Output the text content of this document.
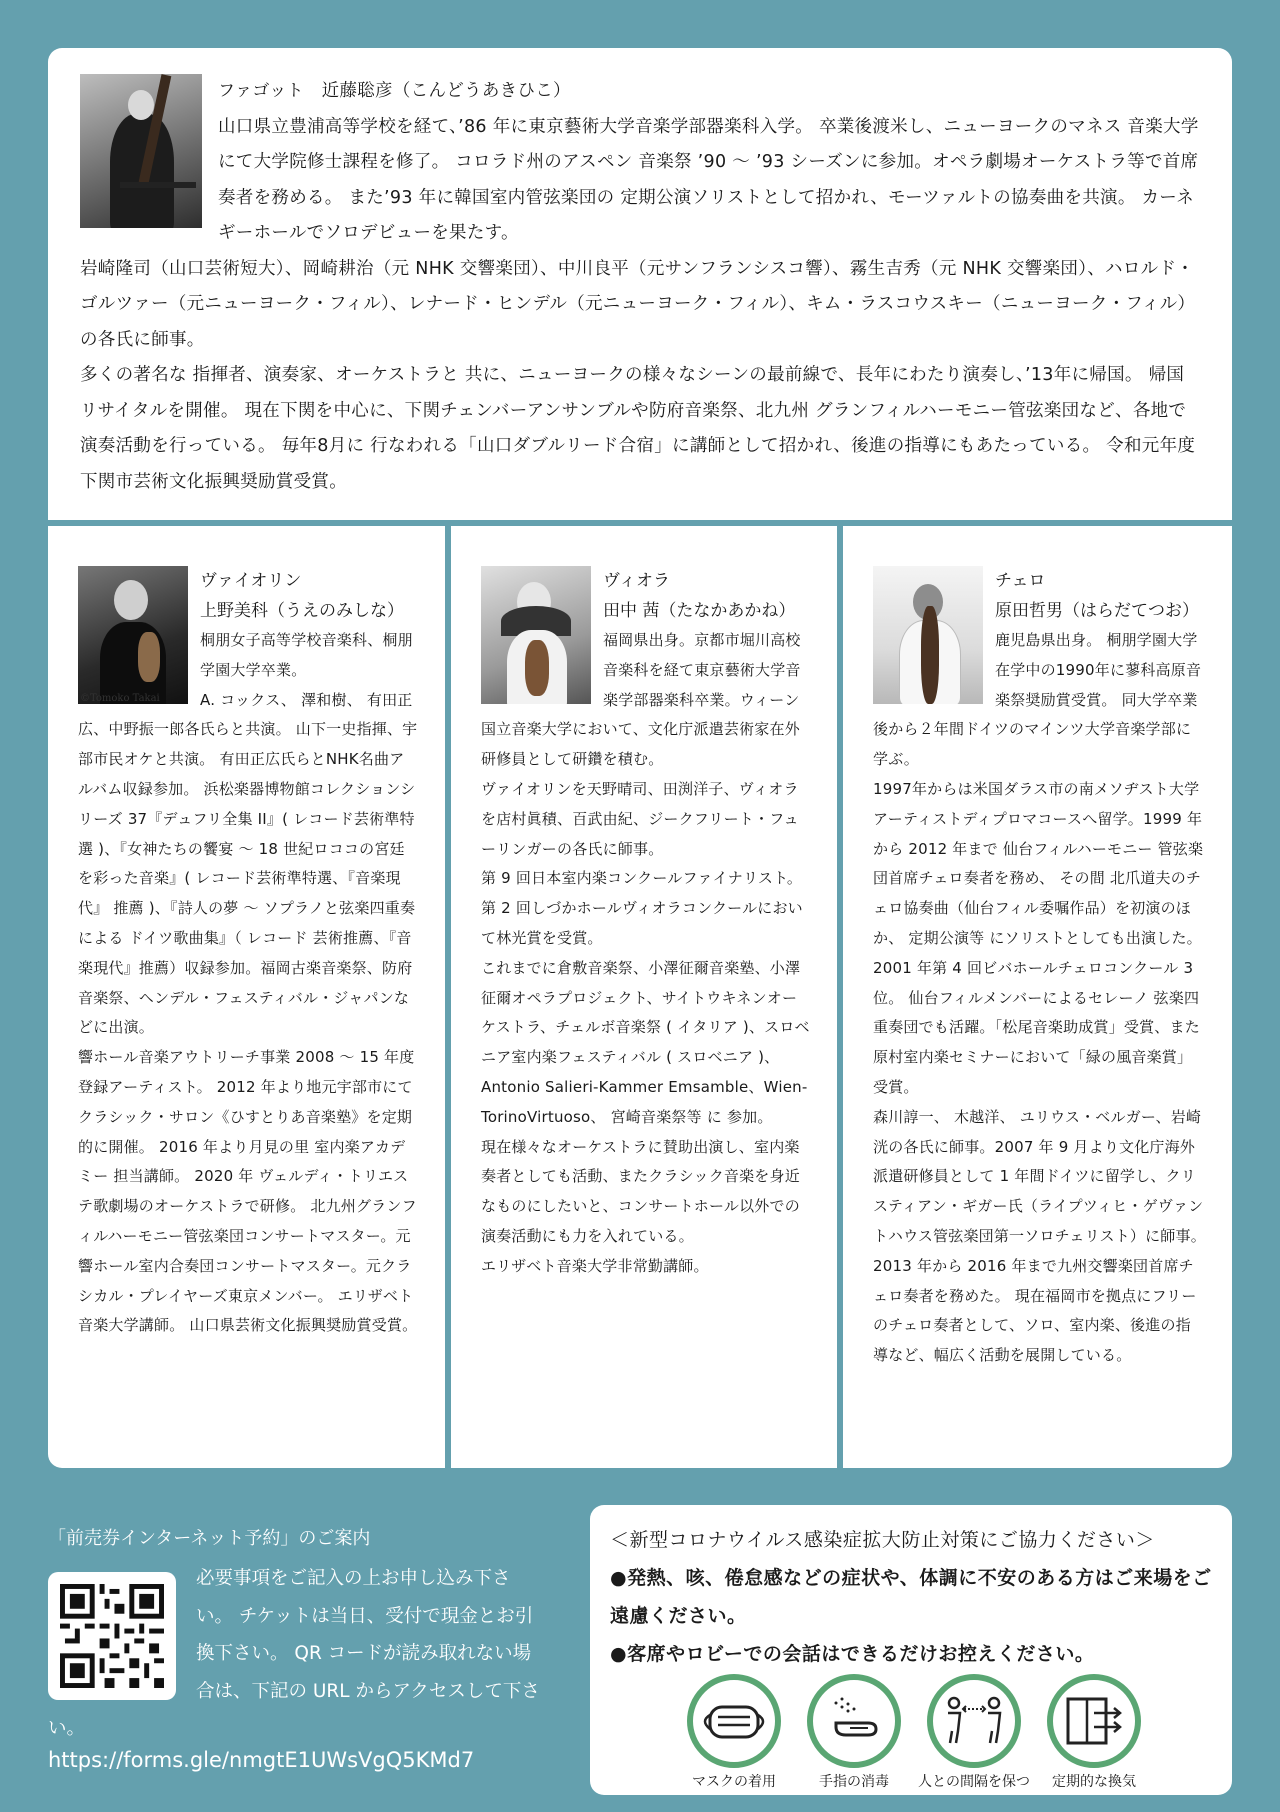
ファゴット　 近藤聡彦（こんどうあきひこ）

山口県立豊浦高等学校を経て、’86 年に東京藝術大学音楽学部器楽科入学。 卒業後渡米し、ニューヨークのマネス 音楽大学にて大学院修士課程を修了。 コロラド州のアスペン 音楽祭 ’90 ～ ’93 シーズンに参加。オペラ劇場オーケストラ等で首席奏者を務める。 また’93 年に韓国室内管弦楽団の 定期公演ソリストとして招かれ、モーツァルトの協奏曲を共演。 カーネギーホールでソロデビューを果たす。

岩崎隆司（山口芸術短大）、岡崎耕治（元 NHK 交響楽団）、中川良平（元サンフランシスコ響）、霧生吉秀（元 NHK 交響楽団）、ハロルド・ゴルツァー（元ニューヨーク・フィル）、レナード・ヒンデル（元ニューヨーク・フィル）、キム・ラスコウスキー（ニューヨーク・フィル）の各氏に師事。

多くの著名な 指揮者、演奏家、オーケストラと 共に、ニューヨークの様々なシーンの最前線で、長年にわたり演奏し、’13年に帰国。 帰国リサイタルを開催。 現在下関を中心に、下関チェンバーアンサンブルや防府音楽祭、北九州 グランフィルハーモニー管弦楽団など、各地で演奏活動を行っている。 毎年8月に 行なわれる「山口ダブルリード合宿」に講師として招かれ、後進の指導にもあたっている。 令和元年度下関市芸術文化振興奨励賞受賞。

©Tomoko Takai
ヴァイオリン
上野美科（うえのみしな）

桐朋女子高等学校音楽科、桐朋学園大学卒業。

A. コックス、 澤和樹、 有田正広、中野振一郎各氏らと共演。 山下一史指揮、宇部市民オケと共演。 有田正広氏らとNHK名曲アルバム収録参加。 浜松楽器博物館コレクションシリーズ 37『デュフリ全集 II』( レコード芸術準特選 )、『女神たちの饗宴 ～ 18 世紀ロココの宮廷を彩った音楽』( レコード芸術準特選、『音楽現代』 推薦 )、『詩人の夢 ～ ソプラノと弦楽四重奏 による ドイツ歌曲集』（ レコード 芸術推薦、『音楽現代』推薦）収録参加。福岡古楽音楽祭、防府音楽祭、ヘンデル・フェスティバル・ジャパンなどに出演。

響ホール音楽アウトリーチ事業 2008 ～ 15 年度登録アーティスト。 2012 年より地元宇部市にてクラシック・サロン《ひすとりあ音楽塾》を定期的に開催。 2016 年より月見の里 室内楽アカデミー 担当講師。 2020 年 ヴェルディ・トリエステ歌劇場のオーケストラで研修。 北九州グランフィルハーモニー管弦楽団コンサートマスター。元響ホール室内合奏団コンサートマスター。元クラシカル・プレイヤーズ東京メンバー。 エリザベト音楽大学講師。 山口県芸術文化振興奨励賞受賞。

ヴィオラ
田中 茜（たなかあかね）

福岡県出身。京都市堀川高校音楽科を経て東京藝術大学音楽学部器楽科卒業。ウィーン国立音楽大学において、文化庁派遣芸術家在外研修員として研鑽を積む。

ヴァイオリンを天野晴司、田渕洋子、ヴィオラを店村眞積、百武由紀、ジークフリート・フューリンガーの各氏に師事。

第 9 回日本室内楽コンクールファイナリスト。第 2 回しづかホールヴィオラコンクールにおいて林光賞を受賞。

これまでに倉敷音楽祭、小澤征爾音楽塾、小澤征爾オペラプロジェクト、サイトウキネンオーケストラ、チェルボ音楽祭 ( イタリア )、スロベニア室内楽フェスティバル ( スロベニア )、Antonio Salieri-Kammer Emsamble、Wien-TorinoVirtuoso、 宮崎音楽祭等 に 参加。

現在様々なオーケストラに賛助出演し、室内楽奏者としても活動、またクラシック音楽を身近なものにしたいと、コンサートホール以外での演奏活動にも力を入れている。

エリザベト音楽大学非常勤講師。

チェロ
原田哲男（はらだてつお）

鹿児島県出身。 桐朋学園大学在学中の1990年に蓼科高原音楽祭奨励賞受賞。 同大学卒業後から２年間ドイツのマインツ大学音楽学部に学ぶ。

1997年からは米国ダラス市の南メソヂスト大学アーティストディプロマコースへ留学。1999 年から 2012 年まで 仙台フィルハーモニー 管弦楽団首席チェロ奏者を務め、 その間 北爪道夫のチェロ協奏曲（仙台フィル委嘱作品）を初演のほか、 定期公演等 にソリストとしても出演した。 2001 年第 4 回ビバホールチェロコンクール 3 位。 仙台フィルメンバーによるセレーノ 弦楽四重奏団でも活躍。「松尾音楽助成賞」受賞、また原村室内楽セミナーにおいて「緑の風音楽賞」受賞。

森川諄一、 木越洋、 ユリウス・ベルガー、岩崎洸の各氏に師事。2007 年 9 月より文化庁海外派遣研修員として 1 年間ドイツに留学し、クリスティアン・ギガー氏（ライプツィヒ・ゲヴァントハウス管弦楽団第一ソロチェリスト）に師事。

2013 年から 2016 年まで九州交響楽団首席チェロ奏者を務めた。 現在福岡市を拠点にフリーのチェロ奏者として、ソロ、室内楽、後進の指導など、幅広く活動を展開している。

「前売券インターネット予約」のご案内
必要事項をご記入の上お申し込み下さい。 チケットは当日、受付で現金とお引換下さい。 QR コードが読み取れない場合は、下記の URL からアクセスして下さい。
https://forms.gle/nmgtE1UWsVgQ5KMd7

＜新型コロナウイルス感染症拡大防止対策にご協力ください＞

●発熱、咳、倦怠感などの症状や、体調に不安のある方はご来場をご遠慮ください。

●客席やロビーでの会話はできるだけお控えください。

マスクの着用	手指の消毒	人との間隔を保つ	定期的な換気
